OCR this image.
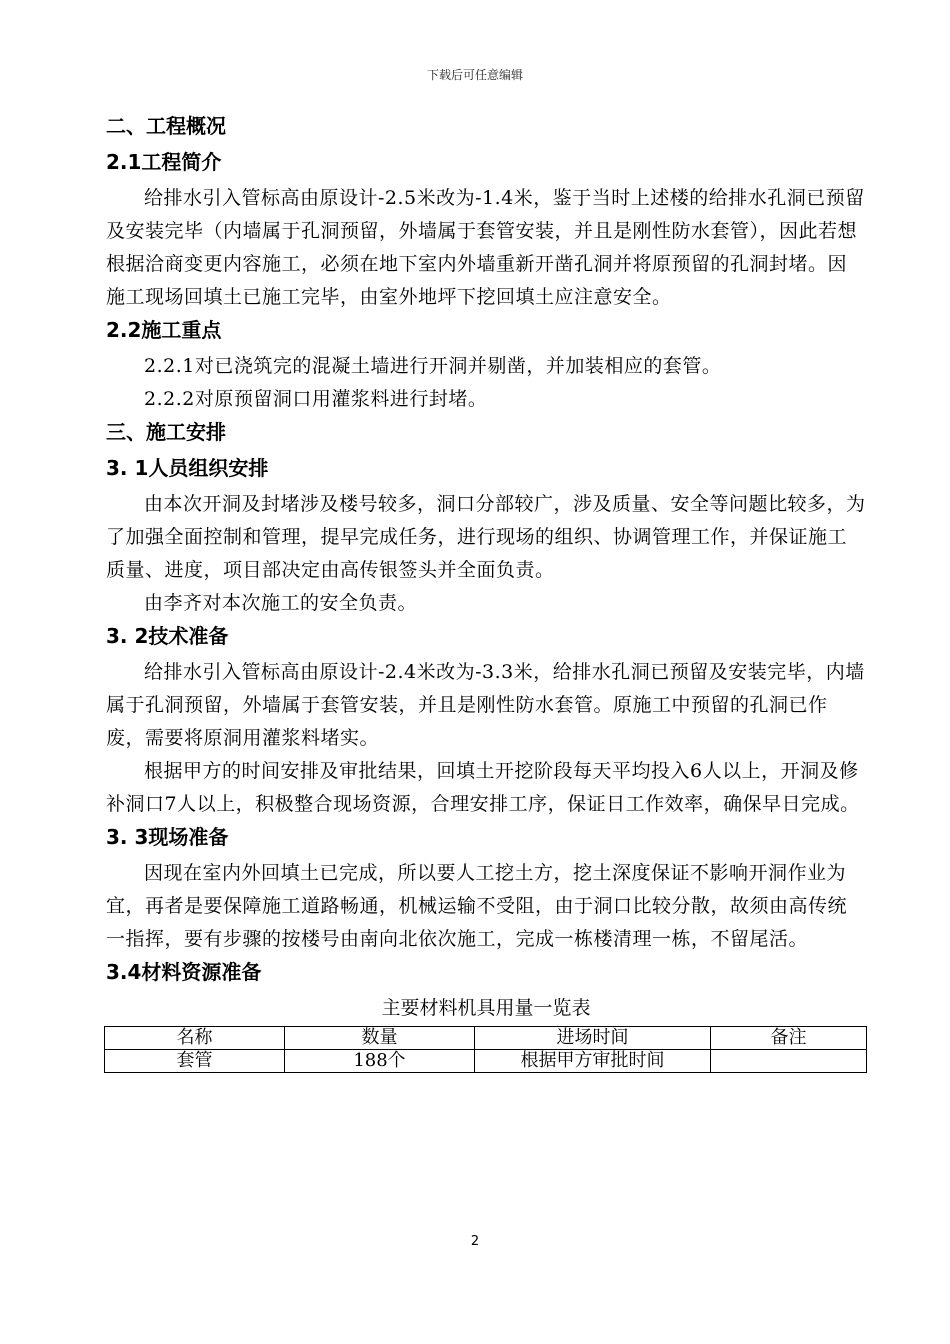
下载后可任意编辑
二、工程概况
2.1工程简介

给排水引入管标高由原设计-2.5米改为-1.4米，鉴于当时上述楼的给排水孔洞已预留及安装完毕（内墙属于孔洞预留，外墙属于套管安装，并且是刚性防水套管），因此若想根据洽商变更内容施工，必须在地下室内外墙重新开凿孔洞并将原预留的孔洞封堵。因施工现场回填土已施工完毕，由室外地坪下挖回填土应注意安全。

2.2施工重点

2.2.1对已浇筑完的混凝土墙进行开洞并剔凿，并加装相应的套管。

2.2.2对原预留洞口用灌浆料进行封堵。

三、施工安排
3. 1人员组织安排

由本次开洞及封堵涉及楼号较多，洞口分部较广，涉及质量、安全等问题比较多，为了加强全面控制和管理，提早完成任务，进行现场的组织、协调管理工作，并保证施工质量、进度，项目部决定由高传银签头并全面负责。

由李齐对本次施工的安全负责。

3. 2技术准备

给排水引入管标高由原设计-2.4米改为-3.3米，给排水孔洞已预留及安装完毕，内墙属于孔洞预留，外墙属于套管安装，并且是刚性防水套管。原施工中预留的孔洞已作废，需要将原洞用灌浆料堵实。

根据甲方的时间安排及审批结果，回填土开挖阶段每天平均投入6人以上，开洞及修补洞口7人以上，积极整合现场资源，合理安排工序，保证日工作效率，确保早日完成。

3. 3现场准备

因现在室内外回填土已完成，所以要人工挖土方，挖土深度保证不影响开洞作业为宜，再者是要保障施工道路畅通，机械运输不受阻，由于洞口比较分散，故须由高传统一指挥，要有步骤的按楼号由南向北依次施工，完成一栋楼清理一栋，不留尾活。

3.4材料资源准备
主要材料机具用量一览表
名称	数量	进场时间	备注
套管	188个	根据甲方审批时间	
2
